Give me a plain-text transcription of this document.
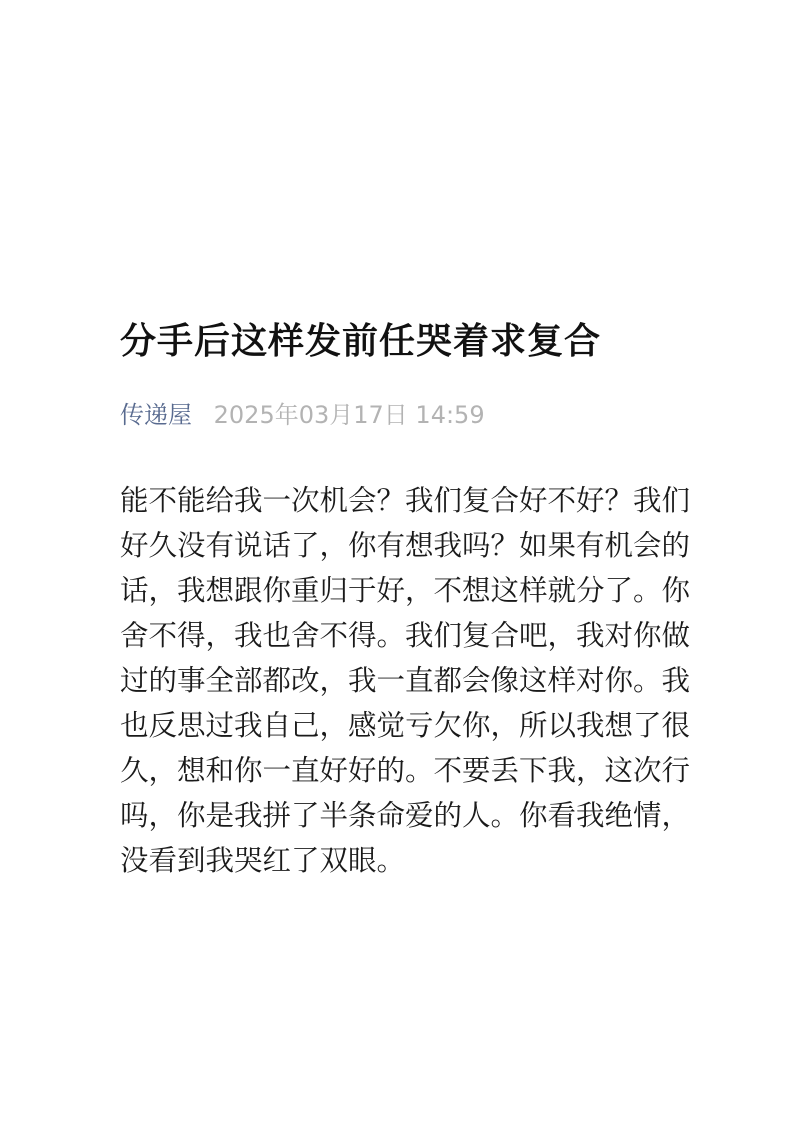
分手后这样发前任哭着求复合
传递屋 2025年03月17日 14:59

能不能给我一次机会？我们复合好不好？我们好久没有说话了，你有想我吗？如果有机会的话，我想跟你重归于好，不想这样就分了。你舍不得，我也舍不得。我们复合吧，我对你做过的事全部都改，我一直都会像这样对你。我也反思过我自己，感觉亏欠你，所以我想了很久，想和你一直好好的。不要丢下我，这次行吗，你是我拼了半条命爱的人。你看我绝情，没看到我哭红了双眼。
